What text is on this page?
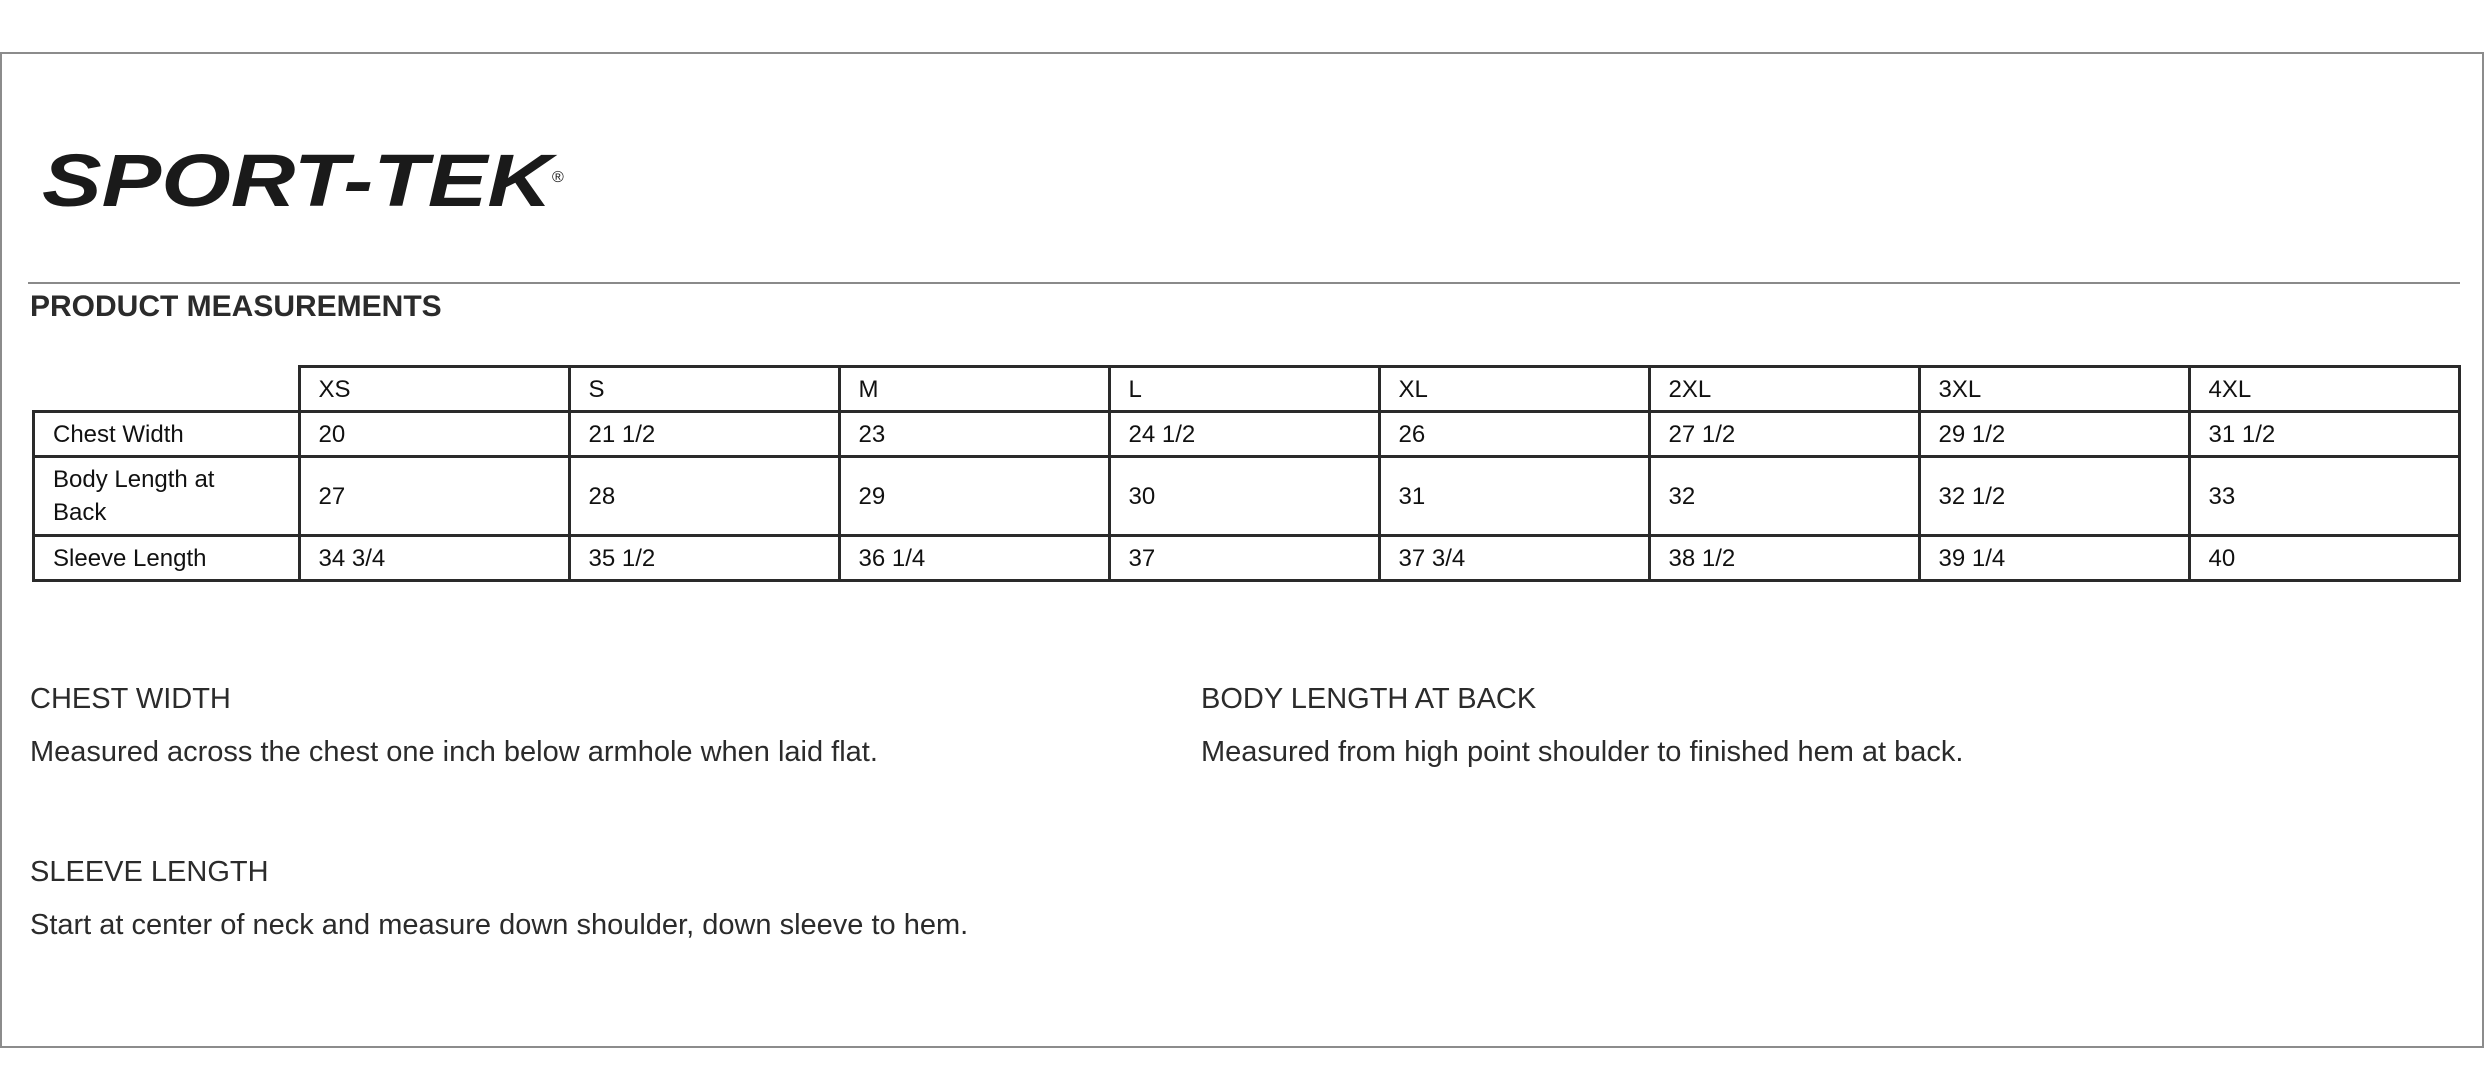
SPORT-TEK
®
PRODUCT MEASUREMENTS
	XS	S	M	L	XL	2XL	3XL	4XL
Chest Width	20	21 1/2	23	24 1/2	26	27 1/2	29 1/2	31 1/2
Body Length at
Back	27	28	29	30	31	32	32 1/2	33
Sleeve Length	34 3/4	35 1/2	36 1/4	37	37 3/4	38 1/2	39 1/4	40
CHEST WIDTH
Measured across the chest one inch below armhole when laid flat.
BODY LENGTH AT BACK
Measured from high point shoulder to finished hem at back.
SLEEVE LENGTH
Start at center of neck and measure down shoulder, down sleeve to hem.
